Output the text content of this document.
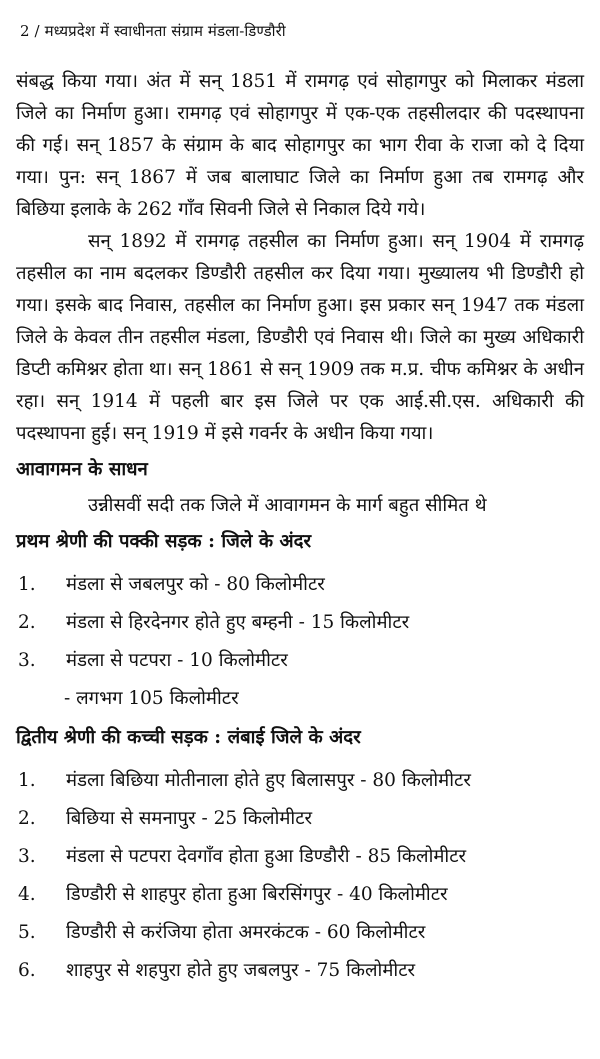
2 / मध्यप्रदेश में स्वाधीनता संग्राम मंडला-डिण्डौरी

संबद्ध किया गया। अंत में सन् 1851 में रामगढ़ एवं सोहागपुर को मिलाकर मंडला जिले का निर्माण हुआ। रामगढ़ एवं सोहागपुर में एक-एक तहसीलदार की पदस्थापना की गई। सन् 1857 के संग्राम के बाद सोहागपुर का भाग रीवा के राजा को दे दिया गया। पुन: सन् 1867 में जब बालाघाट जिले का निर्माण हुआ तब रामगढ़ और बिछिया इलाके के 262 गाँव सिवनी जिले से निकाल दिये गये।

सन् 1892 में रामगढ़ तहसील का निर्माण हुआ। सन् 1904 में रामगढ़ तहसील का नाम बदलकर डिण्डौरी तहसील कर दिया गया। मुख्यालय भी डिण्डौरी हो गया। इसके बाद निवास, तहसील का निर्माण हुआ। इस प्रकार सन् 1947 तक मंडला जिले के केवल तीन तहसील मंडला, डिण्डौरी एवं निवास थी। जिले का मुख्य अधिकारी डिप्टी कमिश्नर होता था। सन् 1861 से सन् 1909 तक म.प्र. चीफ कमिश्नर के अधीन रहा। सन् 1914 में पहली बार इस जिले पर एक आई.सी.एस. अधिकारी की पदस्थापना हुई। सन् 1919 में इसे गवर्नर के अधीन किया गया।

आवागमन के साधन
उन्नीसवीं सदी तक जिले में आवागमन के मार्ग बहुत सीमित थे
प्रथम श्रेणी की पक्की सड़क : जिले के अंदर
1.	मंडला से जबलपुर को - 80 किलोमीटर
2.	मंडला से हिरदेनगर होते हुए बम्हनी - 15 किलोमीटर
3.	मंडला से पटपरा - 10 किलोमीटर
- लगभग 105 किलोमीटर
द्वितीय श्रेणी की कच्ची सड़क : लंबाई जिले के अंदर
1.	मंडला बिछिया मोतीनाला होते हुए बिलासपुर - 80 किलोमीटर
2.	बिछिया से समनापुर - 25 किलोमीटर
3.	मंडला से पटपरा देवगाँव होता हुआ डिण्डौरी - 85 किलोमीटर
4.	डिण्डौरी से शाहपुर होता हुआ बिरसिंगपुर - 40 किलोमीटर
5.	डिण्डौरी से करंजिया होता अमरकंटक - 60 किलोमीटर
6.	शाहपुर से शहपुरा होते हुए जबलपुर - 75 किलोमीटर
